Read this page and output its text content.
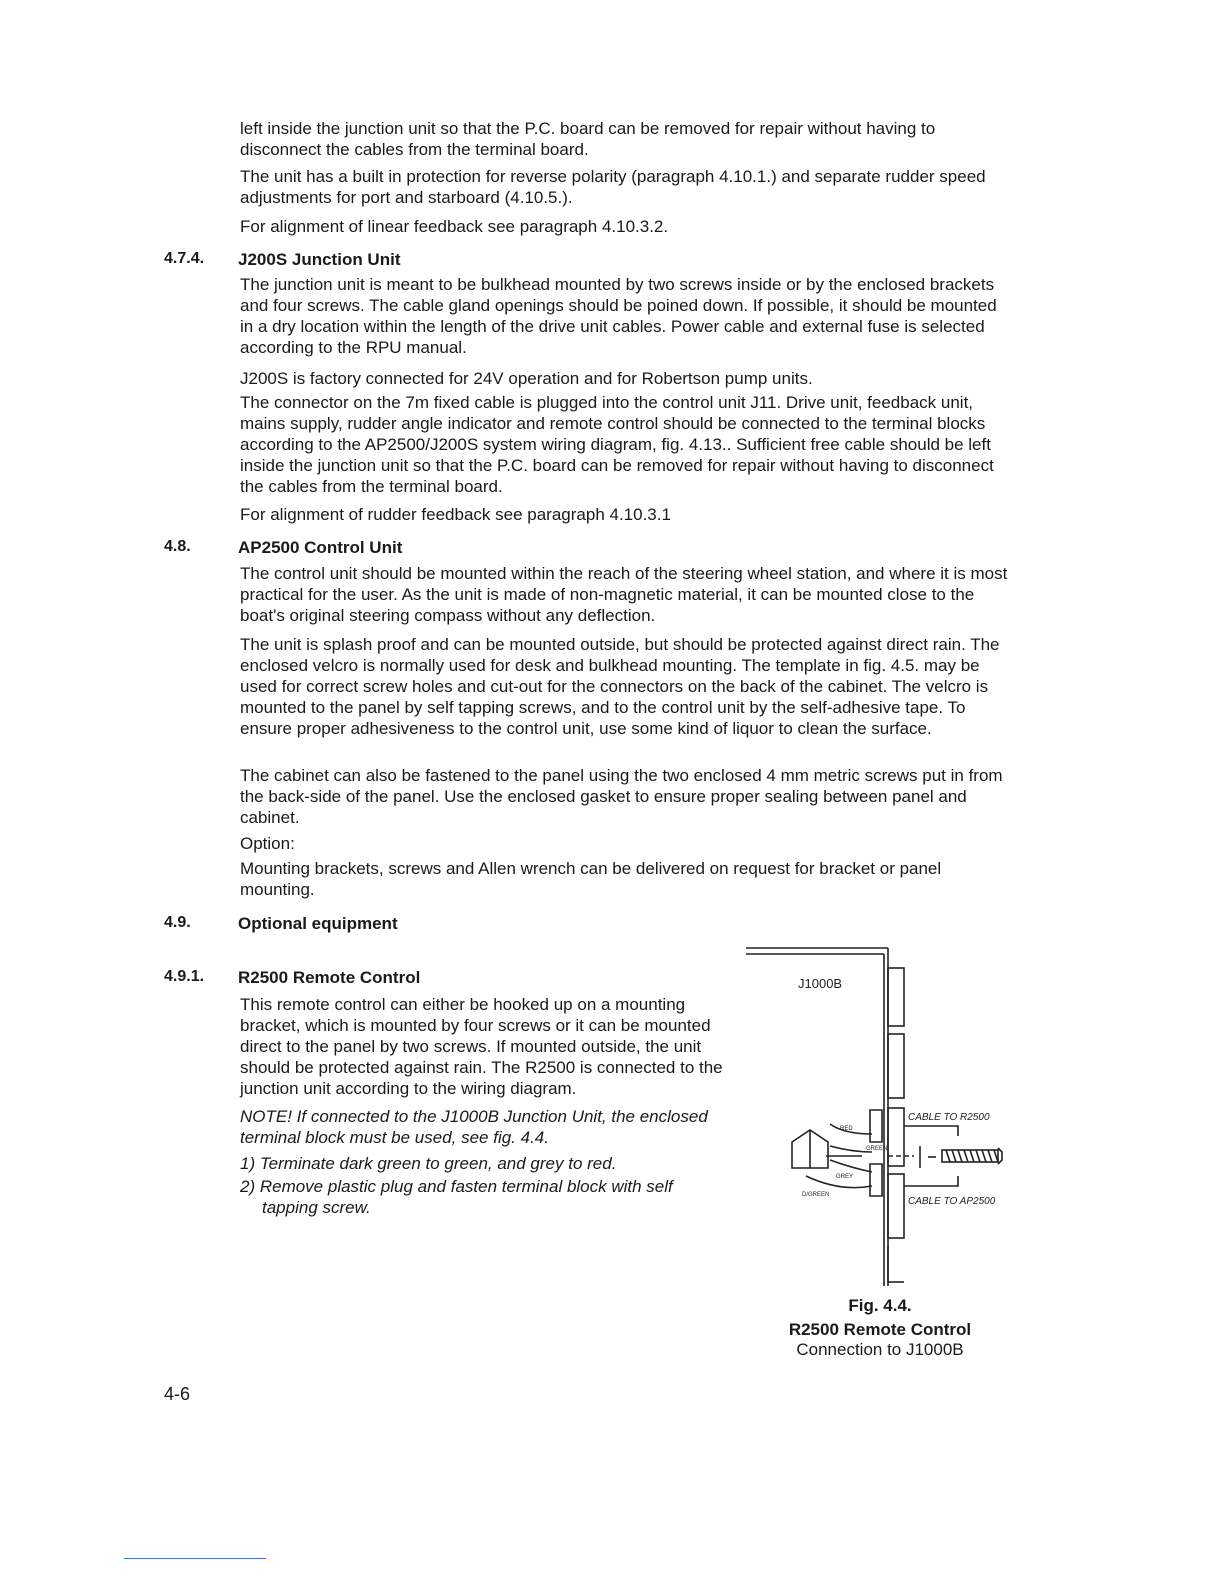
left inside the junction unit so that the P.C. board can be removed for repair without having to disconnect the cables from the terminal board.

The unit has a built in protection for reverse polarity (paragraph 4.10.1.) and separate rudder speed adjustments for port and starboard (4.10.5.).

For alignment of linear feedback see paragraph 4.10.3.2.

4.7.4. J200S Junction Unit

The junction unit is meant to be bulkhead mounted by two screws inside or by the enclosed brackets and four screws. The cable gland openings should be poined down. If possible, it should be mounted in a dry location within the length of the drive unit cables. Power cable and external fuse is selected according to the RPU manual.

J200S is factory connected for 24V operation and for Robertson pump units.

The connector on the 7m fixed cable is plugged into the control unit J11. Drive unit, feedback unit, mains supply, rudder angle indicator and remote control should be connected to the terminal blocks according to the AP2500/J200S system wiring diagram, fig. 4.13.. Sufficient free cable should be left inside the junction unit so that the P.C. board can be removed for repair without having to disconnect the cables from the terminal board.

For alignment of rudder feedback see paragraph 4.10.3.1

4.8.	AP2500 Control Unit

The control unit should be mounted within the reach of the steering wheel station, and where it is most practical for the user. As the unit is made of non-magnetic material, it can be mounted close to the boat's original steering compass without any deflection.

The unit is splash proof and can be mounted outside, but should be protected against direct rain. The enclosed velcro is normally used for desk and bulkhead mounting. The template in fig. 4.5. may be used for correct screw holes and cut-out for the connectors on the back of the cabinet. The velcro is mounted to the panel by self tapping screws, and to the control unit by the self-adhesive tape. To ensure proper adhesiveness to the control unit, use some kind of liquor to clean the surface.

The cabinet can also be fastened to the panel using the two enclosed 4 mm metric screws put in from the back-side of the panel. Use the enclosed gasket to ensure proper sealing between panel and cabinet.

Option:

Mounting brackets, screws and Allen wrench can be delivered on request for bracket or panel mounting.

4.9.	Optional equipment
4.9.1. R2500 Remote Control

This remote control can either be hooked up on a mounting bracket, which is mounted by four screws or it can be mounted direct to the panel by two screws. If mounted outside, the unit should be protected against rain. The R2500 is connected to the junction unit according to the wiring diagram.

NOTE! If connected to the J1000B Junction Unit, the enclosed terminal block must be used, see fig. 4.4.

1) Terminate dark green to green, and grey to red.

2) Remove plastic plug and fasten terminal block with self

tapping screw.

J1000B
CABLE TO R2500
CABLE TO AP2500
RED
GREEN
GREY
D/GREEN
Fig. 4.4.
R2500 Remote Control
Connection to J1000B
4-6
